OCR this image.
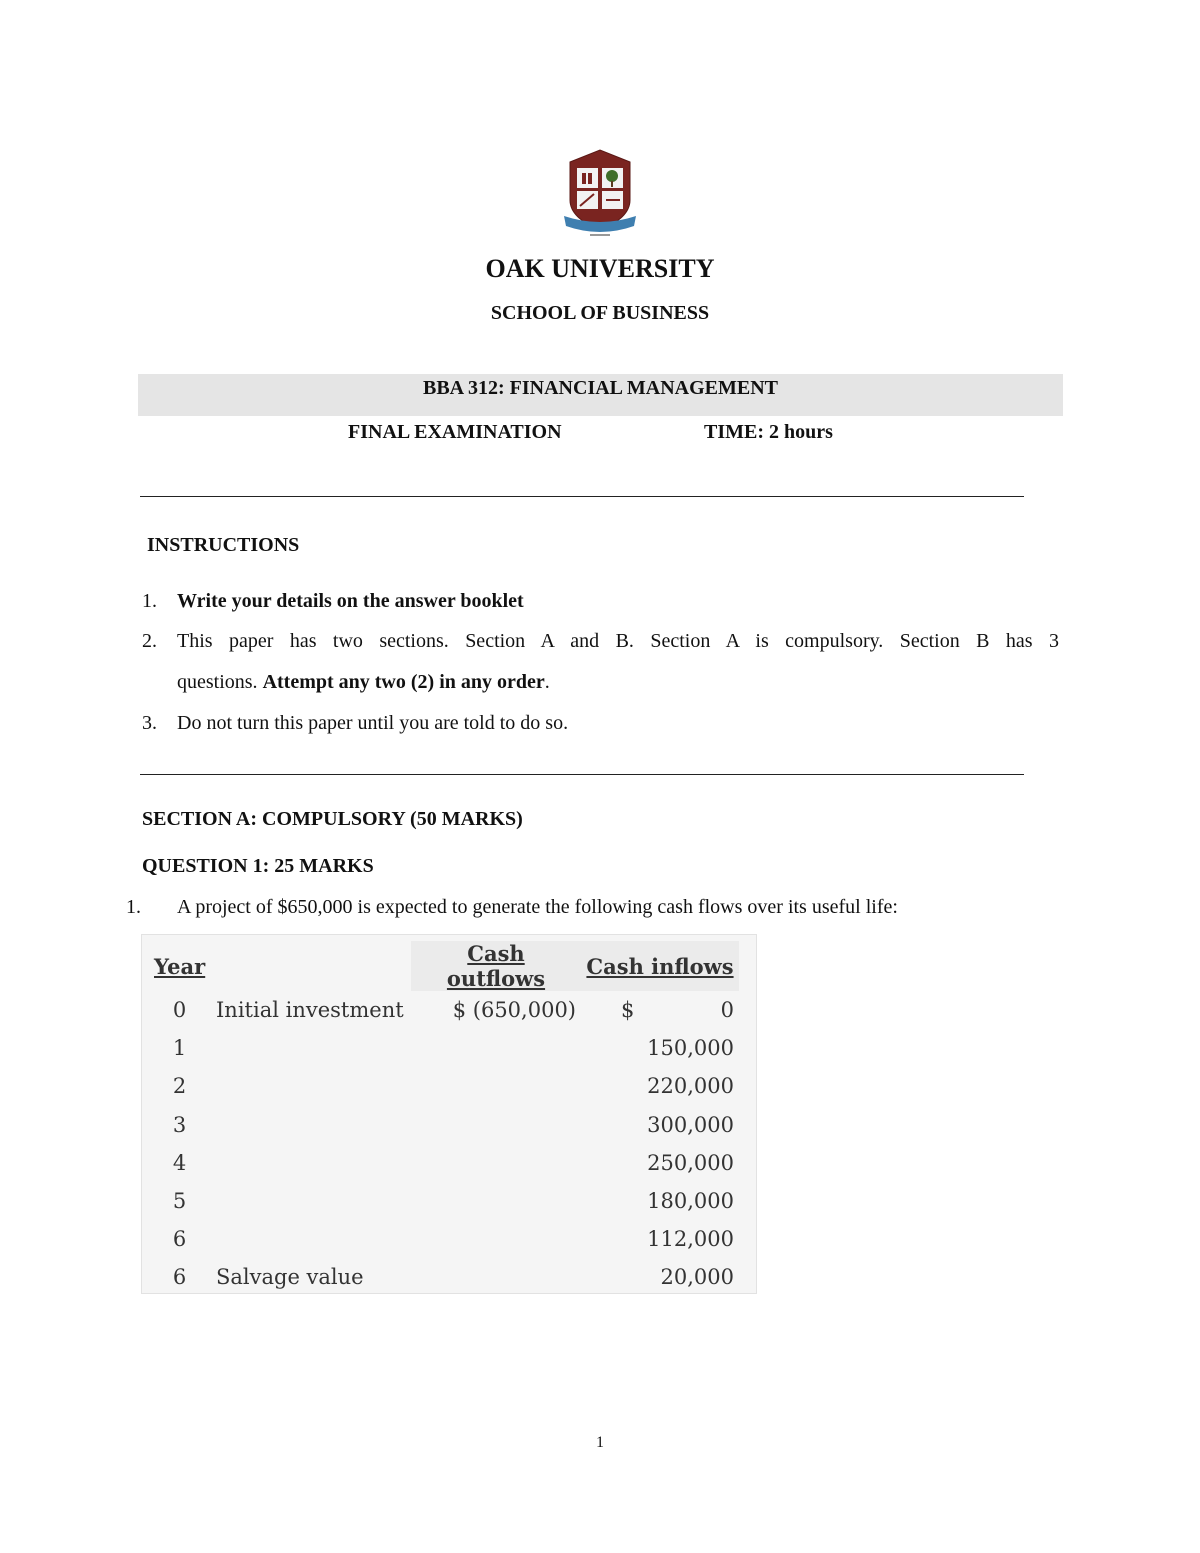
OAK UNIVERSITY
SCHOOL OF BUSINESS
BBA 312: FINANCIAL MANAGEMENT
FINAL EXAMINATION	TIME: 2 hours
INSTRUCTIONS
1. Write your details on the answer booklet
2. This paper has two sections. Section A and B. Section A is compulsory. Section B has 3
questions. Attempt any two (2) in any order.
3. Do not turn this paper until you are told to do so.
SECTION A: COMPULSORY (50 MARKS)
QUESTION 1: 25 MARKS
1. A project of $650,000 is expected to generate the following cash flows over its useful life:
Year		Cash outflows	Cash inflows
0	Initial investment	$ (650,000)	$ 0

1			150,000

2			220,000

3			300,000

4			250,000

5			180,000

6			112,000

6	Salvage value		20,000
1
